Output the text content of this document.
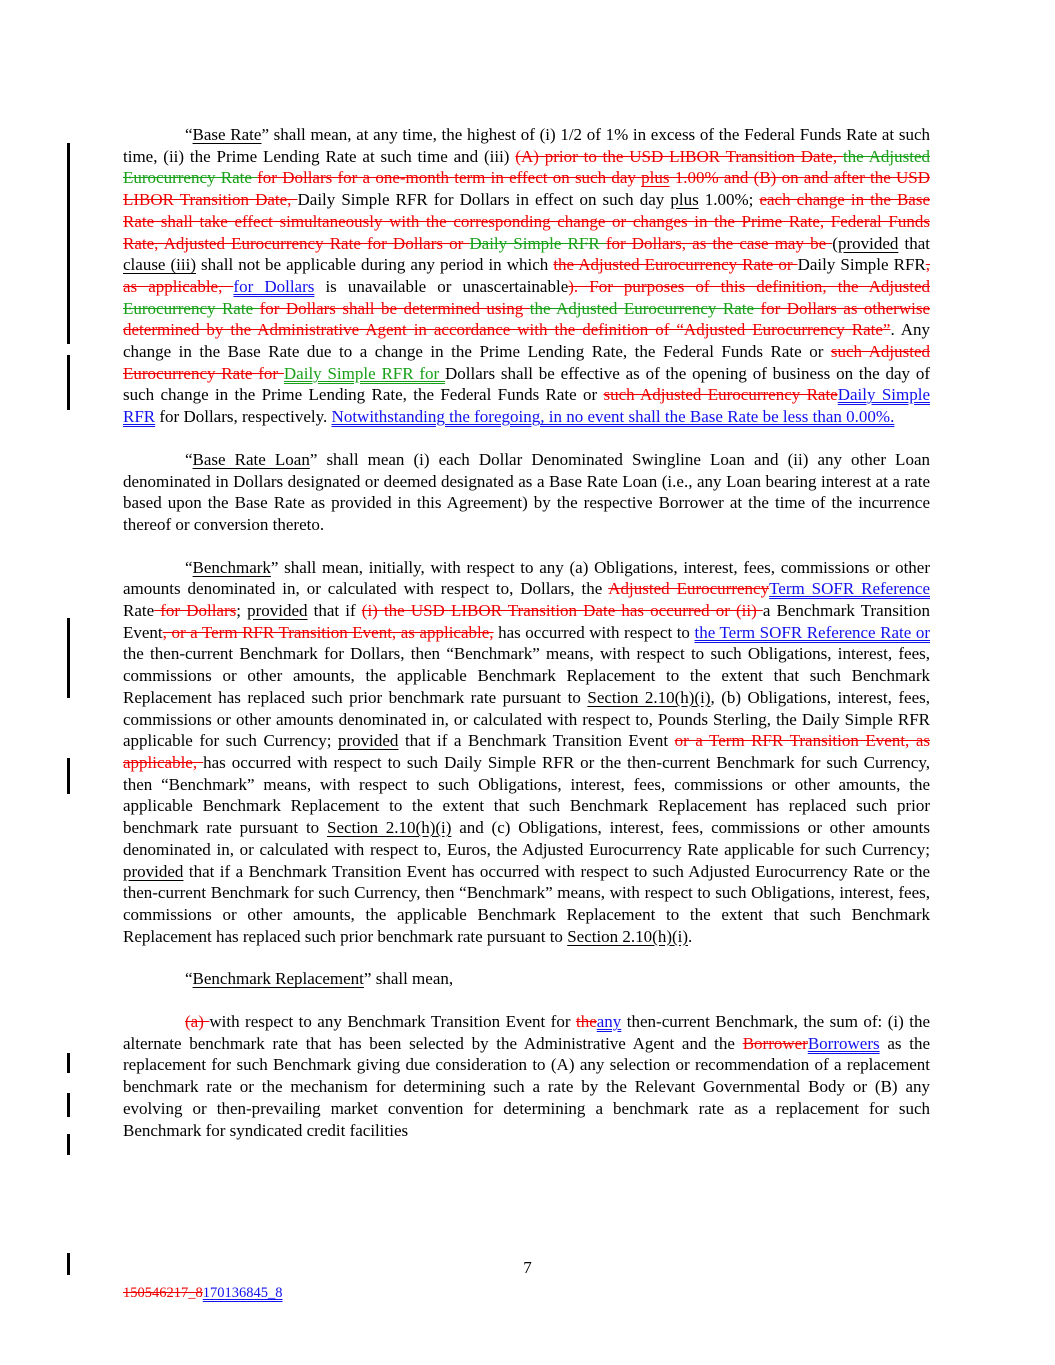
“Base Rate” shall mean, at any time, the highest of (i) 1/2 of 1% in excess of the Federal Funds Rate at such time, (ii) the Prime Lending Rate at such time and (iii) (A) prior to the USD LIBOR Transition Date, the Adjusted Eurocurrency Rate for Dollars for a one-month term in effect on such day plus 1.00% and (B) on and after the USD LIBOR Transition Date, Daily Simple RFR for Dollars in effect on such day plus 1.00%; each change in the Base Rate shall take effect simultaneously with the corresponding change or changes in the Prime Rate, Federal Funds Rate, Adjusted Eurocurrency Rate for Dollars or Daily Simple RFR for Dollars, as the case may be (provided that clause (iii) shall not be applicable during any period in which the Adjusted Eurocurrency Rate or Daily Simple RFR, as applicable, for Dollars is unavailable or unascertainable). For purposes of this definition, the Adjusted Eurocurrency Rate for Dollars shall be determined using the Adjusted Eurocurrency Rate for Dollars as otherwise determined by the Administrative Agent in accordance with the definition of “Adjusted Eurocurrency Rate”. Any change in the Base Rate due to a change in the Prime Lending Rate, the Federal Funds Rate or such Adjusted Eurocurrency Rate for Daily Simple RFR for Dollars shall be effective as of the opening of business on the day of such change in the Prime Lending Rate, the Federal Funds Rate or such Adjusted Eurocurrency RateDaily Simple RFR for Dollars, respectively. Notwithstanding the foregoing, in no event shall the Base Rate be less than 0.00%.

“Base Rate Loan” shall mean (i) each Dollar Denominated Swingline Loan and (ii) any other Loan denominated in Dollars designated or deemed designated as a Base Rate Loan (i.e., any Loan bearing interest at a rate based upon the Base Rate as provided in this Agreement) by the respective Borrower at the time of the incurrence thereof or conversion thereto.

“Benchmark” shall mean, initially, with respect to any (a) Obligations, interest, fees, commissions or other amounts denominated in, or calculated with respect to, Dollars, the Adjusted EurocurrencyTerm SOFR Reference Rate for Dollars; provided that if (i) the USD LIBOR Transition Date has occurred or (ii) a Benchmark Transition Event, or a Term RFR Transition Event, as applicable, has occurred with respect to the Term SOFR Reference Rate or the then-current Benchmark for Dollars, then “Benchmark” means, with respect to such Obligations, interest, fees, commissions or other amounts, the applicable Benchmark Replacement to the extent that such Benchmark Replacement has replaced such prior benchmark rate pursuant to Section 2.10(h)(i), (b) Obligations, interest, fees, commissions or other amounts denominated in, or calculated with respect to, Pounds Sterling, the Daily Simple RFR applicable for such Currency; provided that if a Benchmark Transition Event or a Term RFR Transition Event, as applicable, has occurred with respect to such Daily Simple RFR or the then-current Benchmark for such Currency, then “Benchmark” means, with respect to such Obligations, interest, fees, commissions or other amounts, the applicable Benchmark Replacement to the extent that such Benchmark Replacement has replaced such prior benchmark rate pursuant to Section 2.10(h)(i) and (c) Obligations, interest, fees, commissions or other amounts denominated in, or calculated with respect to, Euros, the Adjusted Eurocurrency Rate applicable for such Currency; provided that if a Benchmark Transition Event has occurred with respect to such Adjusted Eurocurrency Rate or the then-current Benchmark for such Currency, then “Benchmark” means, with respect to such Obligations, interest, fees, commissions or other amounts, the applicable Benchmark Replacement to the extent that such Benchmark Replacement has replaced such prior benchmark rate pursuant to Section 2.10(h)(i).

“Benchmark Replacement” shall mean,

(a) with respect to any Benchmark Transition Event for theany then-current Benchmark, the sum of: (i) the alternate benchmark rate that has been selected by the Administrative Agent and the BorrowerBorrowers as the replacement for such Benchmark giving due consideration to (A) any selection or recommendation of a replacement benchmark rate or the mechanism for determining such a rate by the Relevant Governmental Body or (B) any evolving or then-prevailing market convention for determining a benchmark rate as a replacement for such Benchmark for syndicated credit facilities

7
150546217_8170136845_8
